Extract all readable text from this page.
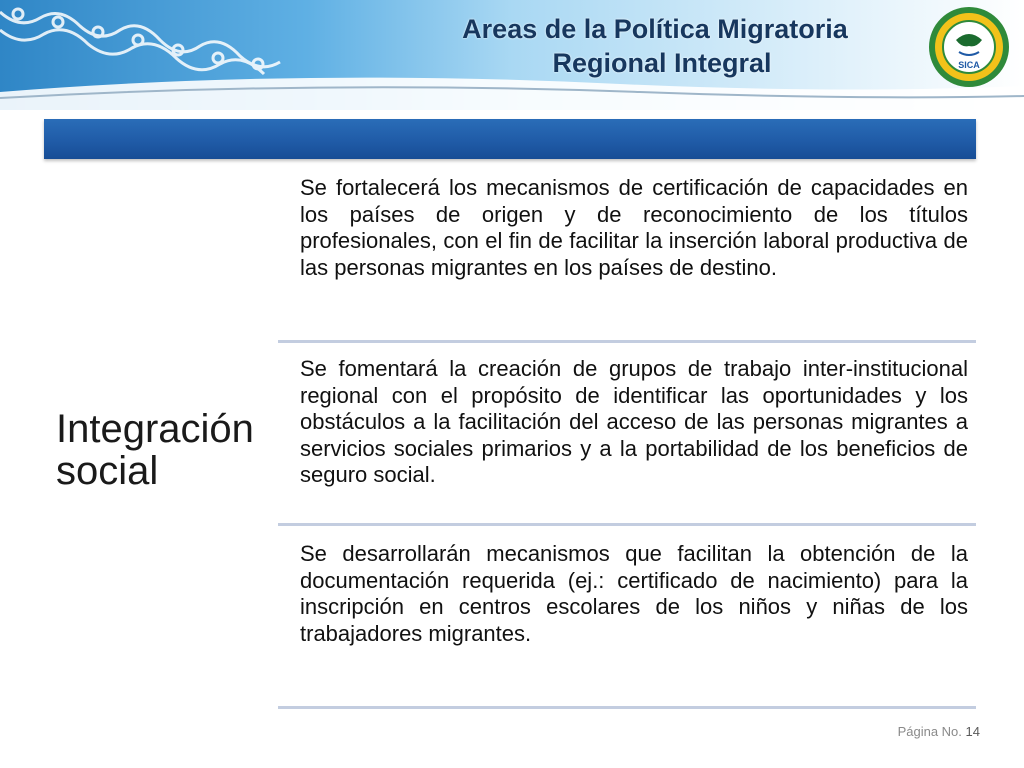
Areas de la Política Migratoria
Regional Integral	SICA
Integración social
Se fortalecerá los mecanismos de certificación de capacidades en los países de origen y de reconocimiento de los títulos profesionales, con el fin de facilitar la inserción laboral productiva de las personas migrantes en los países de destino.
Se fomentará la creación de grupos de trabajo inter-institucional regional con el propósito de identificar las oportunidades y los obstáculos a la facilitación del acceso de las personas migrantes a servicios sociales primarios y a la portabilidad de los beneficios de seguro social.
Se desarrollarán mecanismos que facilitan la obtención de la documentación requerida (ej.: certificado de nacimiento) para la inscripción en centros escolares de los niños y niñas de los trabajadores migrantes.
Página No. 14
